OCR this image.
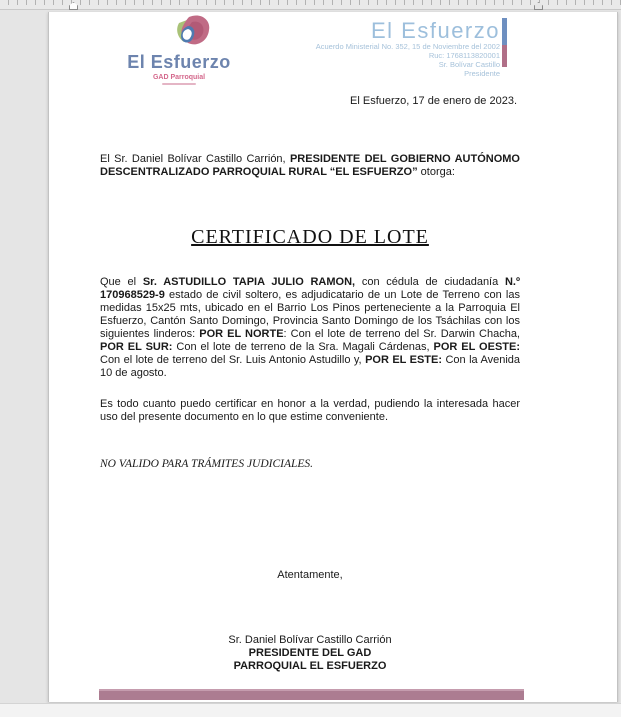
El Esfuerzo
GAD Parroquial
El Esfuerzo
Acuerdo Ministerial No. 352, 15 de Noviembre del 2002
Ruc: 1768113820001
Sr. Bolívar Castillo
Presidente
El Esfuerzo, 17 de enero de 2023.
El Sr. Daniel Bolívar Castillo Carrión, PRESIDENTE DEL GOBIERNO AUTÓNOMO DESCENTRALIZADO PARROQUIAL RURAL “EL ESFUERZO” otorga:
CERTIFICADO DE LOTE
Que el Sr. ASTUDILLO TAPIA JULIO RAMON, con cédula de ciudadanía N.º 170968529-9 estado de civil soltero, es adjudicatario de un Lote de Terreno con las medidas 15x25 mts, ubicado en el Barrio Los Pinos perteneciente a la Parroquia El Esfuerzo, Cantón Santo Domingo, Provincia Santo Domingo de los Tsáchilas con los siguientes linderos: POR EL NORTE: Con el lote de terreno del Sr. Darwin Chacha, POR EL SUR: Con el lote de terreno de la Sra. Magali Cárdenas, POR EL OESTE: Con el lote de terreno del Sr. Luis Antonio Astudillo y, POR EL ESTE: Con la Avenida 10 de agosto.
Es todo cuanto puedo certificar en honor a la verdad, pudiendo la interesada hacer uso del presente documento en lo que estime conveniente.
NO VALIDO PARA TRÁMITES JUDICIALES.
Atentamente,
Sr. Daniel Bolívar Castillo Carrión
PRESIDENTE DEL GAD
PARROQUIAL EL ESFUERZO
